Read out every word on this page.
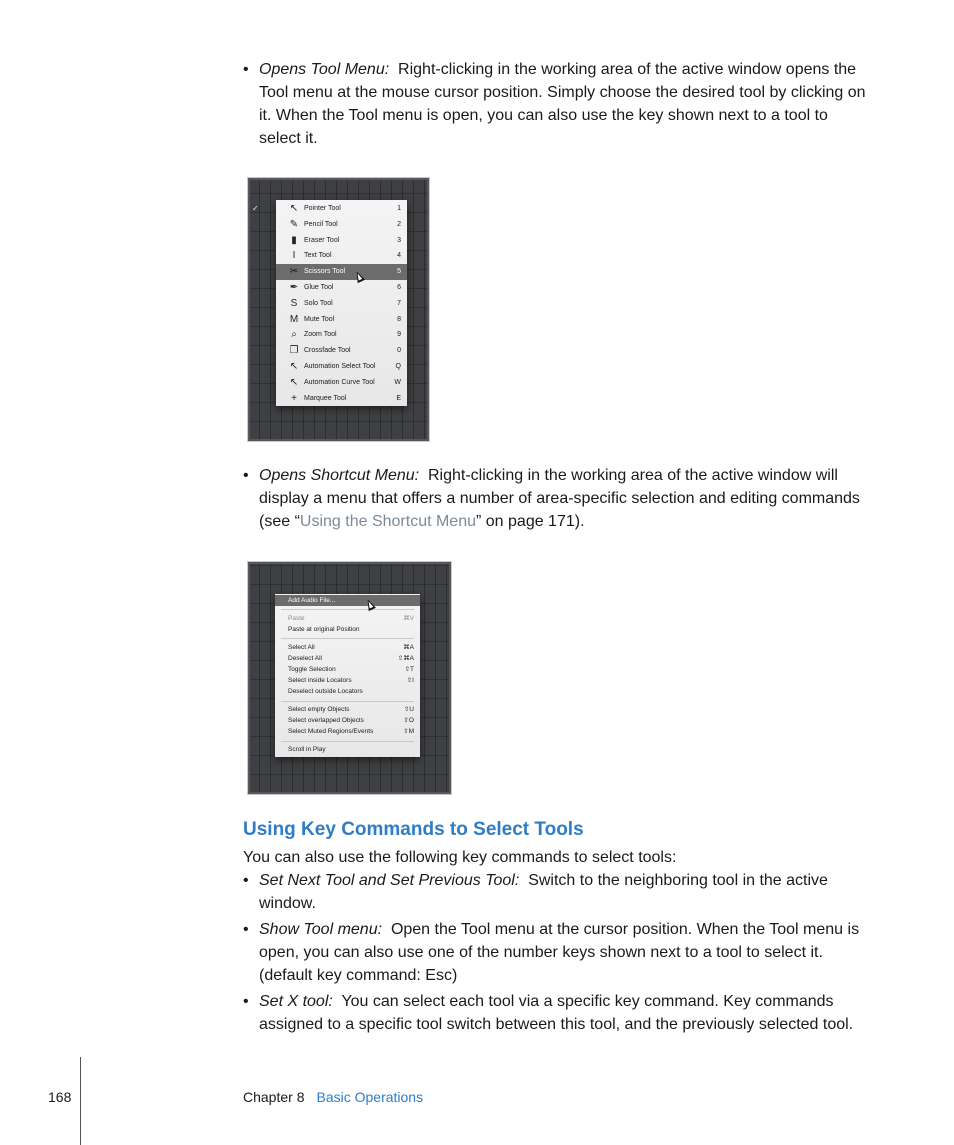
• Opens Tool Menu: Right-clicking in the working area of the active window opens the Tool menu at the mouse cursor position. Simply choose the desired tool by clicking on it. When the Tool menu is open, you can also use the key shown next to a tool to select it.
✓	↖ Pointer Tool	1
✎ Pencil Tool	2
▮	Eraser Tool	3
I	Text Tool	4
✂ Scissors Tool	5
✒ Glue Tool	6
S Solo Tool	7
M Mute Tool	8
⌕	Zoom Tool	9
❐ Crossfade Tool	0
↖ Automation Select Tool	Q
↖ Automation Curve Tool	W
+	Marquee Tool	E
• Opens Shortcut Menu: Right-clicking in the working area of the active window will display a menu that offers a number of area-specific selection and editing commands (see “Using the Shortcut Menu” on page 171).
Add Audio File...
Paste	⌘V
Paste at original Position
Select All	⌘A
Deselect All	⇧⌘A
Toggle Selection	⇧T
Select inside Locators	⇧I
Deselect outside Locators
Select empty Objects	⇧U
Select overlapped Objects	⇧O
Select Muted Regions/Events	⇧M
Scroll in Play
Using Key Commands to Select Tools
You can also use the following key commands to select tools:
• Set Next Tool and Set Previous Tool: Switch to the neighboring tool in the active window.
• Show Tool menu: Open the Tool menu at the cursor position. When the Tool menu is open, you can also use one of the number keys shown next to a tool to select it. (default key command: Esc)
• Set X tool: You can select each tool via a specific key command. Key commands assigned to a specific tool switch between this tool, and the previously selected tool.
168	Chapter 8 Basic Operations
